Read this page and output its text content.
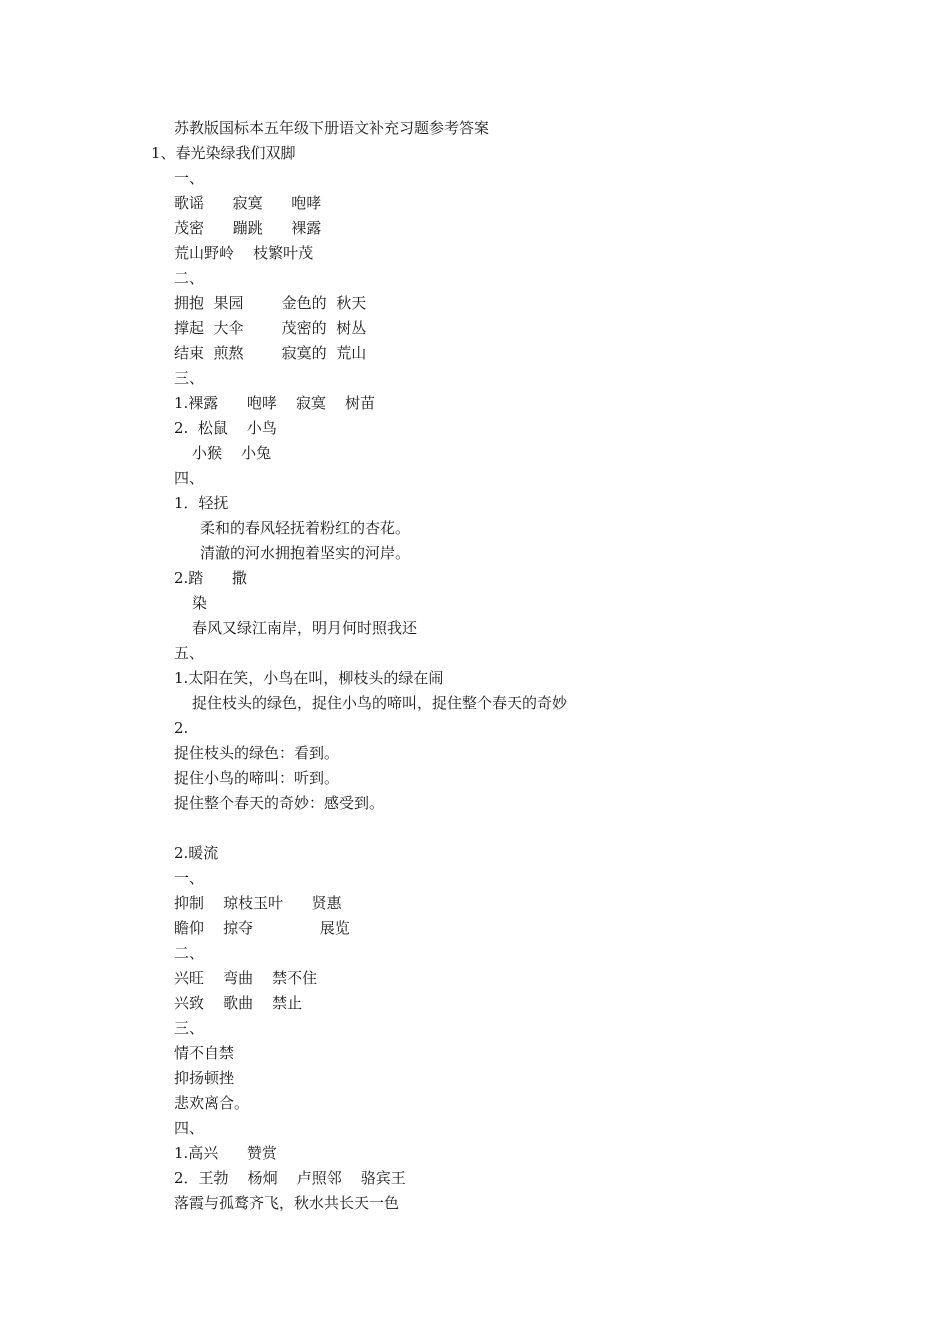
苏教版国标本五年级下册语文补充习题参考答案
1、春光染绿我们双脚
一、
歌谣      寂寞      咆哮
茂密      蹦跳      裸露
荒山野岭    枝繁叶茂
二、
拥抱  果园        金色的  秋天
撑起  大伞        茂密的  树丛
结束  煎熬        寂寞的  荒山
三、
1.裸露      咆哮    寂寞    树苗
2.  松鼠    小鸟
小猴    小兔
四、
1．轻抚
柔和的春风轻抚着粉红的杏花。
清澈的河水拥抱着坚实的河岸。
2.踏      撒
染
春风又绿江南岸，明月何时照我还
五、
1.太阳在笑，小鸟在叫，柳枝头的绿在闹
捉住枝头的绿色，捉住小鸟的啼叫，捉住整个春天的奇妙
2.
捉住枝头的绿色：看到。
捉住小鸟的啼叫：听到。
捉住整个春天的奇妙：感受到。
2.暖流
一、
抑制    琼枝玉叶      贤惠
瞻仰    掠夺              展览
二、
兴旺    弯曲    禁不住
兴致    歌曲    禁止
三、
情不自禁
抑扬顿挫
悲欢离合。
四、
1.高兴      赞赏
2．王勃    杨炯    卢照邻    骆宾王
落霞与孤鹜齐飞，秋水共长天一色
